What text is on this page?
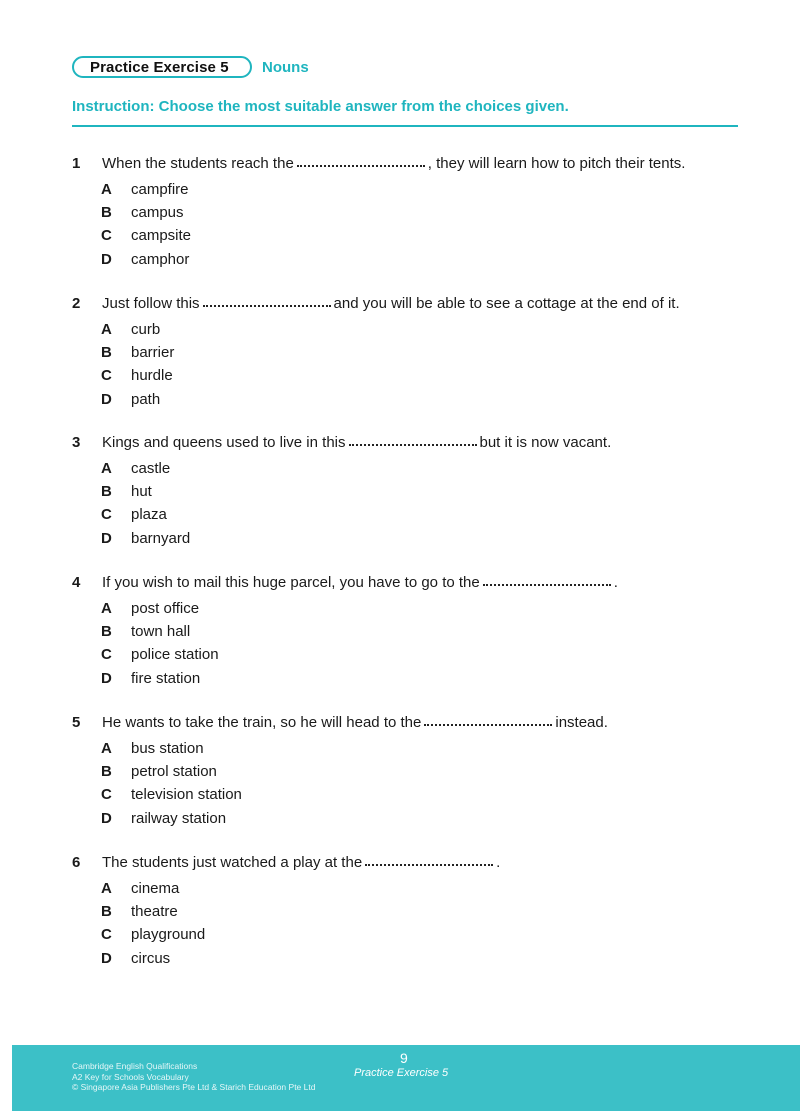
Practice Exercise 5	Nouns
Instruction: Choose the most suitable answer from the choices given.
1	When the students reach the	, they will learn how to pitch their tents.
A	campfire
B	campus
C	campsite
D	camphor
2	Just follow this	and you will be able to see a cottage at the end of it.
A	curb
B	barrier
C	hurdle
D	path
3	Kings and queens used to live in this	but it is now vacant.
A	castle
B	hut
C	plaza
D	barnyard
4	If you wish to mail this huge parcel, you have to go to the	.
A	post office
B	town hall
C	police station
D	fire station
5	He wants to take the train, so he will head to the	instead.
A	bus station
B	petrol station
C	television station
D	railway station
6	The students just watched a play at the	.
A	cinema
B	theatre
C	playground
D	circus
Cambridge English Qualifications
A2 Key for Schools Vocabulary
© Singapore Asia Publishers Pte Ltd & Starich Education Pte Ltd
9
Practice Exercise 5
